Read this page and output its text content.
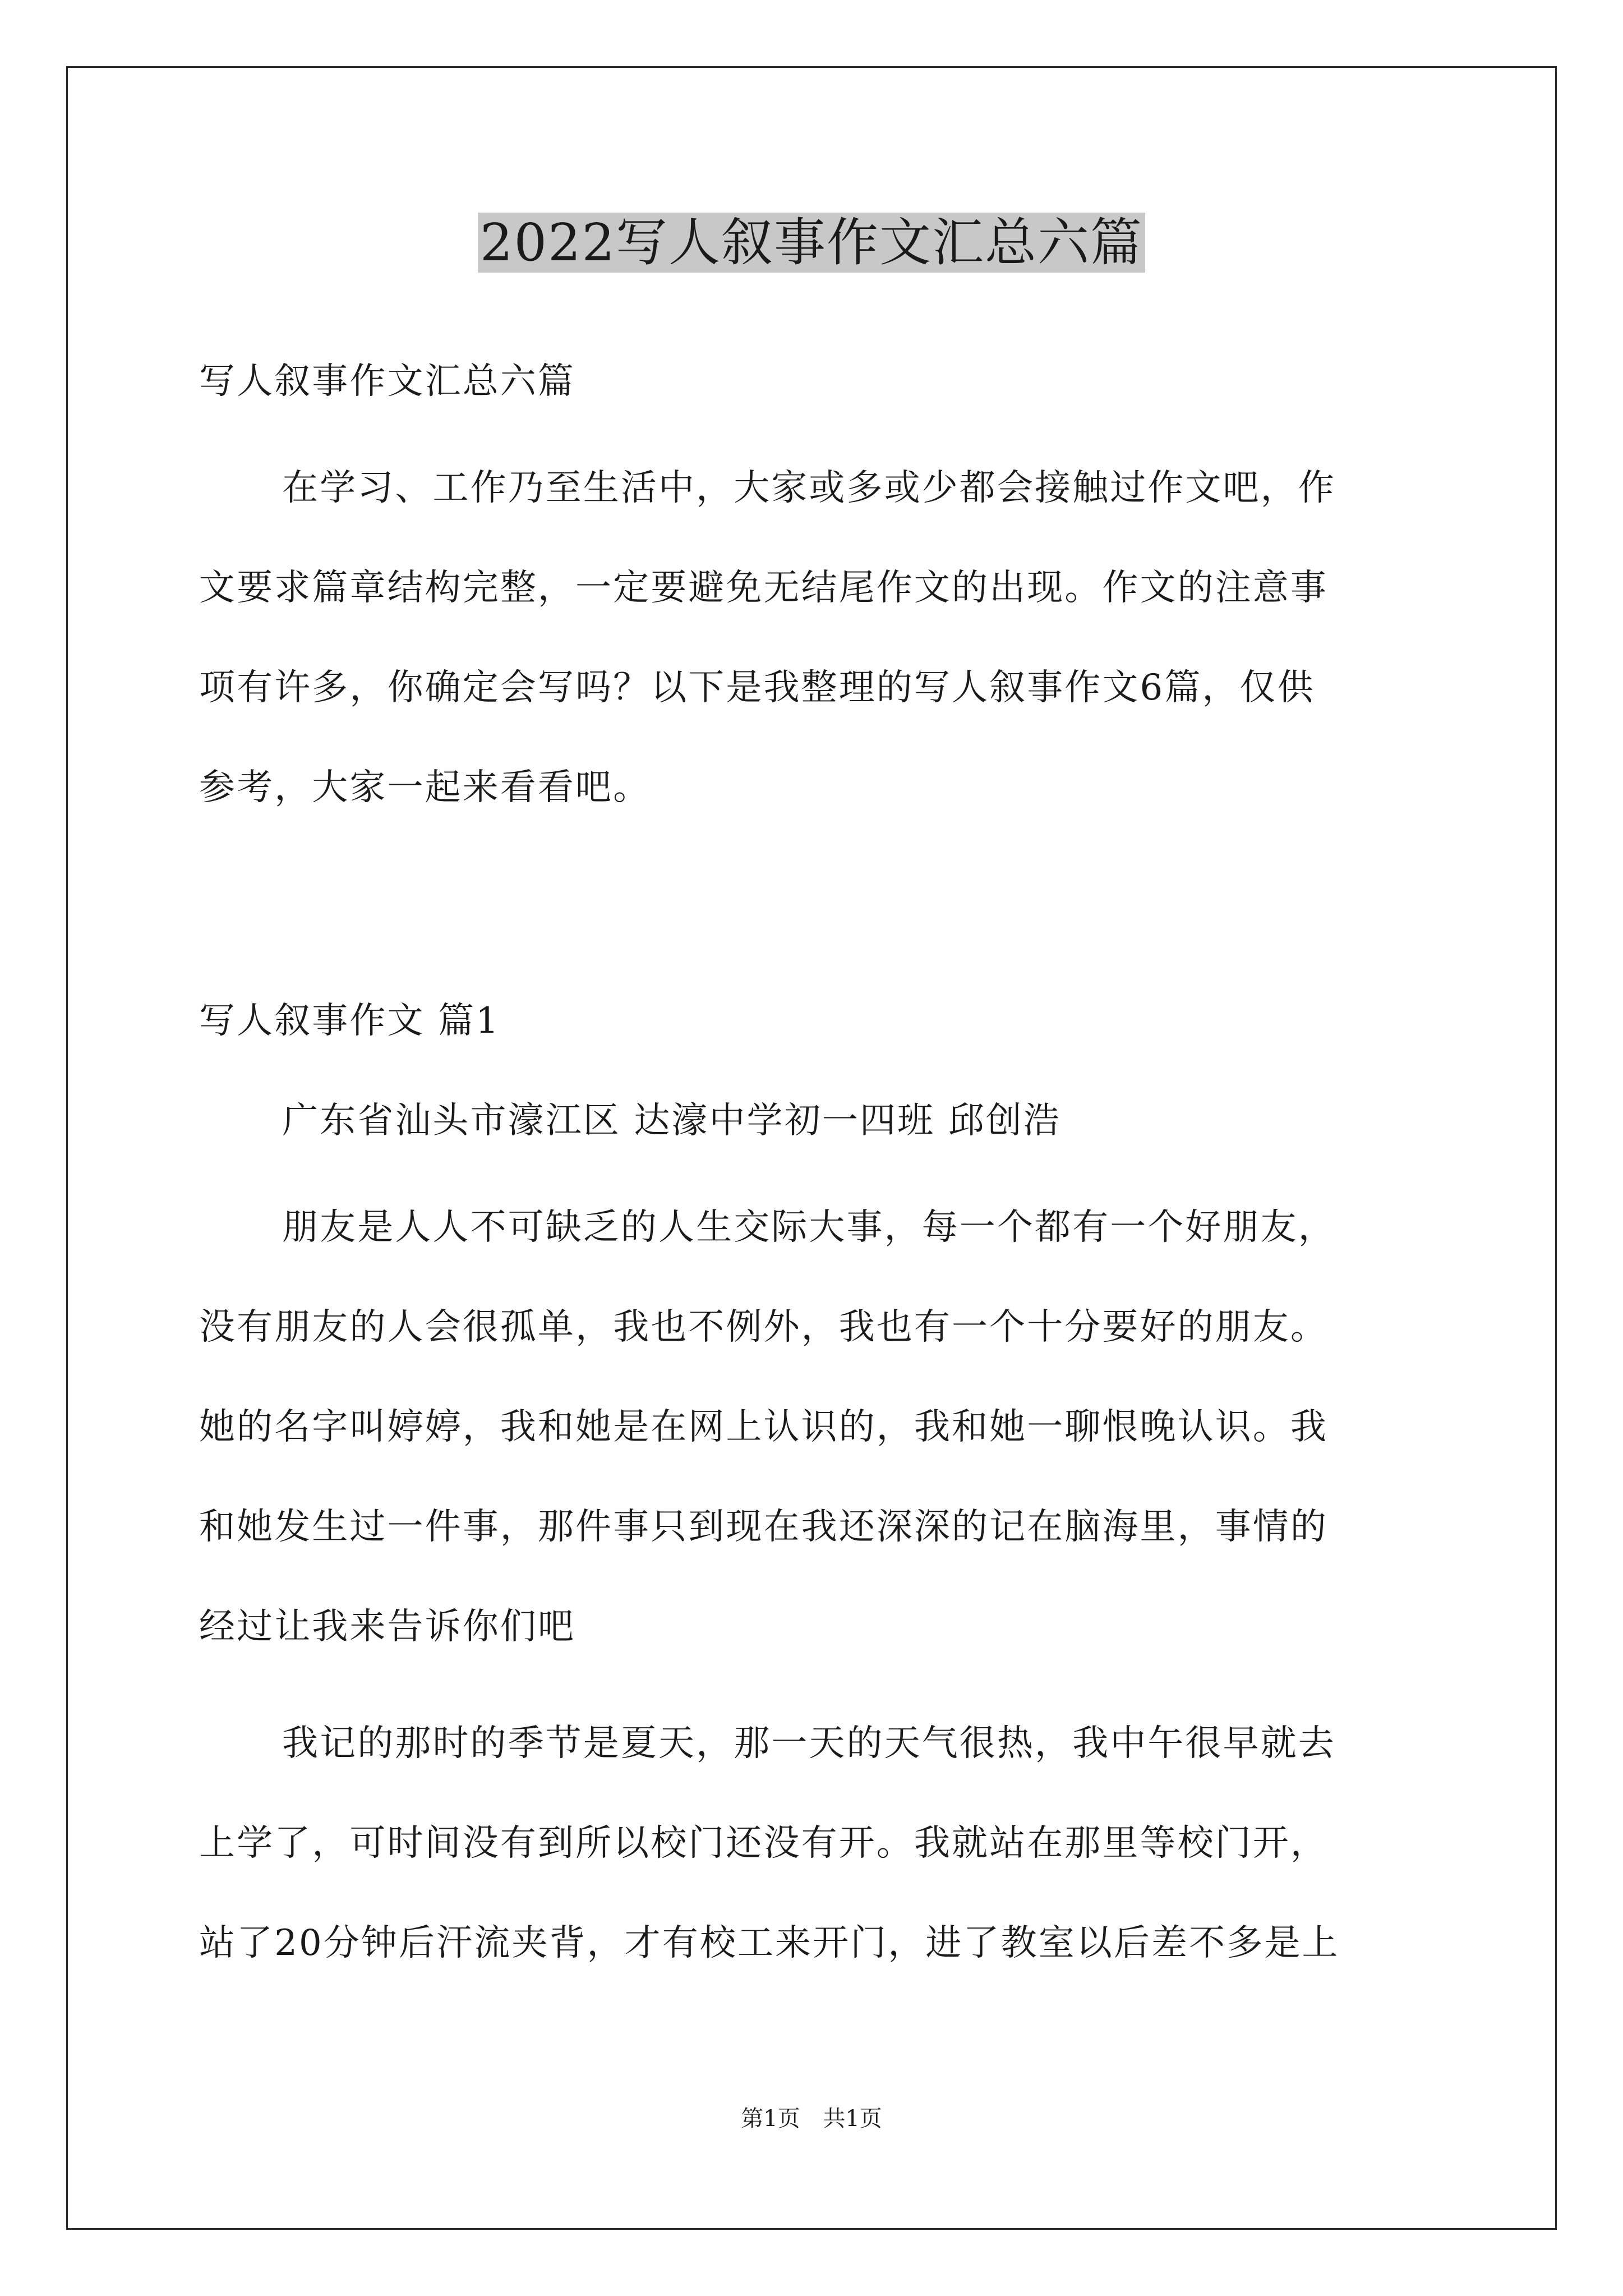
2022写人叙事作文汇总六篇
写人叙事作文汇总六篇
在学习、工作乃至生活中，大家或多或少都会接触过作文吧，作
文要求篇章结构完整，一定要避免无结尾作文的出现。作文的注意事
项有许多，你确定会写吗？以下是我整理的写人叙事作文6篇，仅供
参考，大家一起来看看吧。
写人叙事作文 篇1
广东省汕头市濠江区 达濠中学初一四班 邱创浩
朋友是人人不可缺乏的人生交际大事，每一个都有一个好朋友，
没有朋友的人会很孤单，我也不例外，我也有一个十分要好的朋友。
她的名字叫婷婷，我和她是在网上认识的，我和她一聊恨晚认识。我
和她发生过一件事，那件事只到现在我还深深的记在脑海里，事情的
经过让我来告诉你们吧
我记的那时的季节是夏天，那一天的天气很热，我中午很早就去
上学了，可时间没有到所以校门还没有开。我就站在那里等校门开，
站了20分钟后汗流夹背，才有校工来开门，进了教室以后差不多是上
第1页 共1页
